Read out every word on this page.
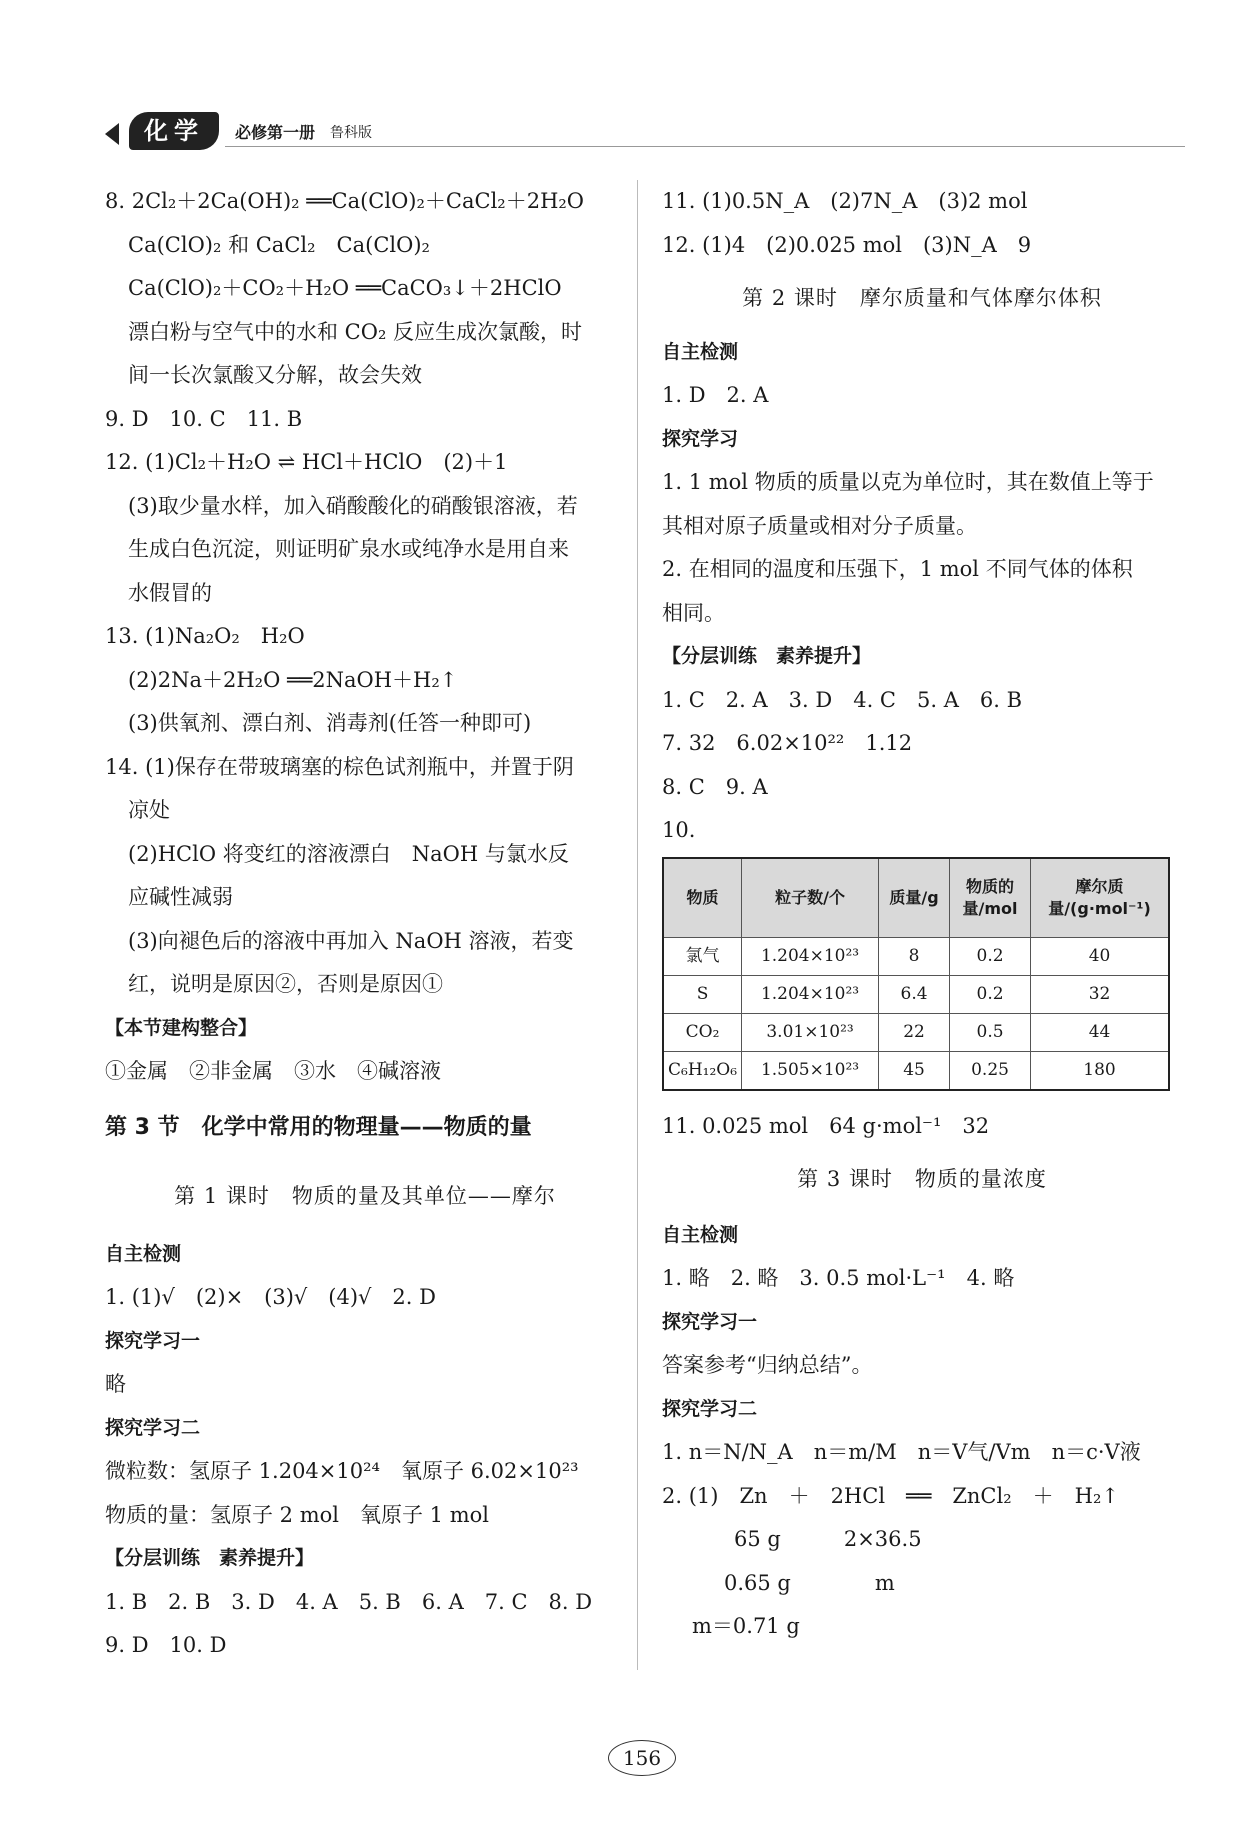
化学	必修第一册 鲁科版

8. 2Cl₂＋2Ca(OH)₂ ══Ca(ClO)₂＋CaCl₂＋2H₂O

Ca(ClO)₂ 和 CaCl₂　Ca(ClO)₂

Ca(ClO)₂＋CO₂＋H₂O ══CaCO₃↓＋2HClO

漂白粉与空气中的水和 CO₂ 反应生成次氯酸，时

间一长次氯酸又分解，故会失效

9. D　10. C　11. B

12. (1)Cl₂＋H₂O ⇌ HCl＋HClO　(2)＋1

(3)取少量水样，加入硝酸酸化的硝酸银溶液，若

生成白色沉淀，则证明矿泉水或纯净水是用自来

水假冒的

13. (1)Na₂O₂　H₂O

(2)2Na＋2H₂O ══2NaOH＋H₂↑

(3)供氧剂、漂白剂、消毒剂(任答一种即可)

14. (1)保存在带玻璃塞的棕色试剂瓶中，并置于阴

凉处

(2)HClO 将变红的溶液漂白　NaOH 与氯水反

应碱性减弱

(3)向褪色后的溶液中再加入 NaOH 溶液，若变

红，说明是原因②，否则是原因①

【本节建构整合】

①金属　②非金属　③水　④碱溶液

第 3 节　化学中常用的物理量——物质的量

第 1 课时　物质的量及其单位——摩尔

自主检测

1. (1)√　(2)×　(3)√　(4)√　2. D

探究学习一

略

探究学习二

微粒数：氢原子 1.204×10²⁴　氧原子 6.02×10²³

物质的量：氢原子 2 mol　氧原子 1 mol

【分层训练　素养提升】

1. B　2. B　3. D　4. A　5. B　6. A　7. C　8. D

9. D　10. D

11. (1)0.5N_A　(2)7N_A　(3)2 mol

12. (1)4　(2)0.025 mol　(3)N_A　9

第 2 课时　摩尔质量和气体摩尔体积

自主检测

1. D　2. A

探究学习

1. 1 mol 物质的质量以克为单位时，其在数值上等于

其相对原子质量或相对分子质量。

2. 在相同的温度和压强下，1 mol 不同气体的体积

相同。

【分层训练　素养提升】

1. C　2. A　3. D　4. C　5. A　6. B

7. 32　6.02×10²²　1.12

8. C　9. A

10.

物质	粒子数/个	质量/g	物质的量/mol	摩尔质量/(g·mol⁻¹)
氯气	1.204×10²³	8	0.2	40
S	1.204×10²³	6.4	0.2	32
CO₂	3.01×10²³	22	0.5	44
C₆H₁₂O₆	1.505×10²³	45	0.25	180

11. 0.025 mol　64 g·mol⁻¹　32

第 3 课时　物质的量浓度

自主检测

1. 略　2. 略　3. 0.5 mol·L⁻¹　4. 略

探究学习一

答案参考“归纳总结”。

探究学习二

1. n＝N/N_A　n＝m/M　n＝V气/Vm　n＝c·V液

2. (1)　Zn　＋　2HCl　══　ZnCl₂　＋　H₂↑

65 g　　　2×36.5

0.65 g　　　　m

m＝0.71 g

156
